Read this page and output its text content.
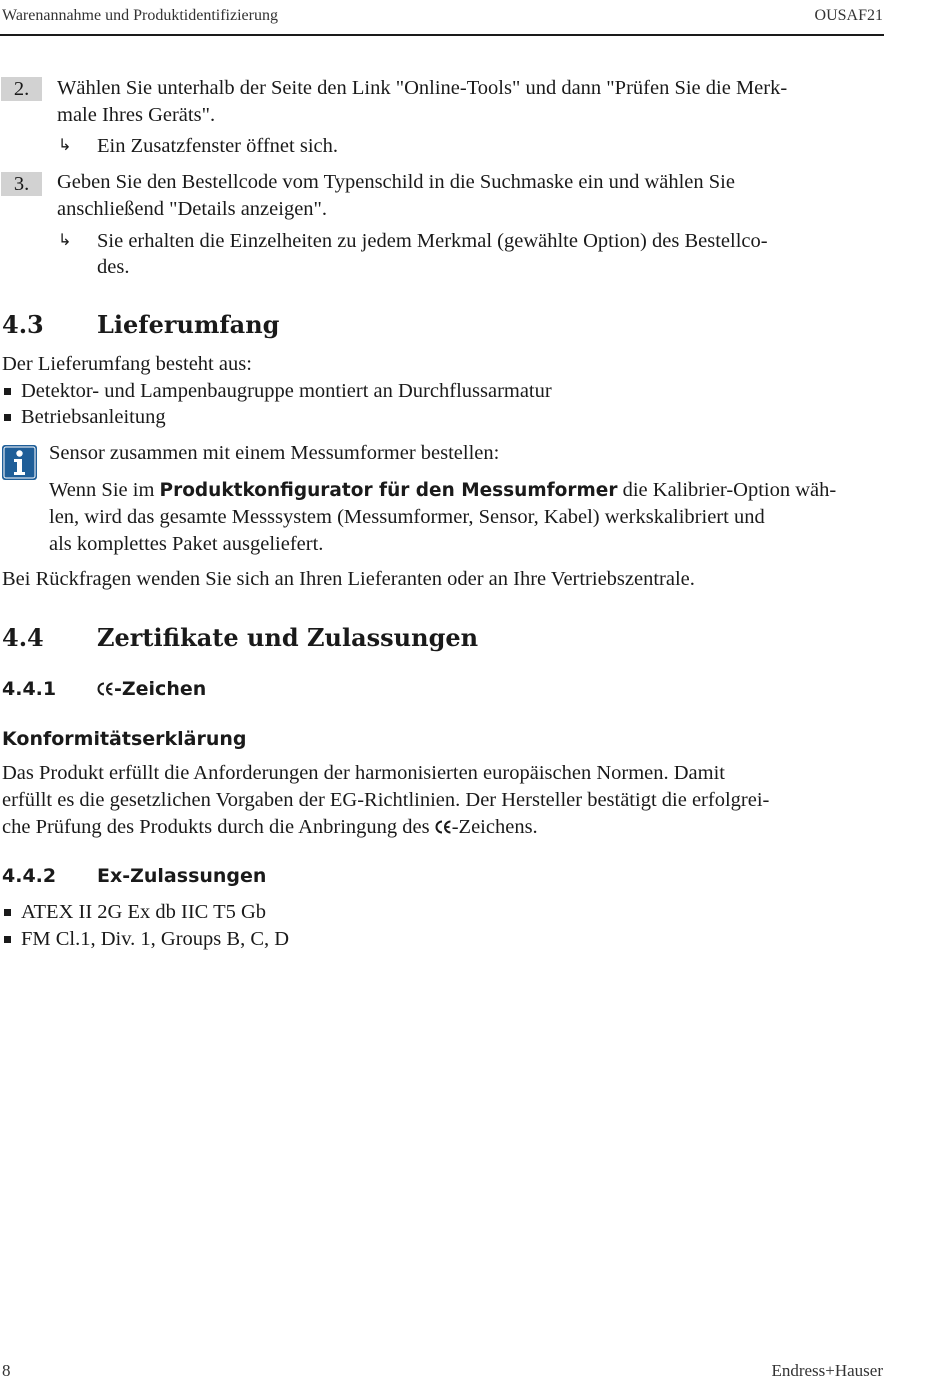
Warenannahme und Produktidentifizierung	OUSAF21
2.	Wählen Sie unterhalb der Seite den Link "Online-Tools" und dann "Prüfen Sie die Merk-
male Ihres Geräts".
↳ Ein Zusatzfenster öffnet sich.
3.	Geben Sie den Bestellcode vom Typenschild in die Suchmaske ein und wählen Sie
anschließend "Details anzeigen".
↳ Sie erhalten die Einzelheiten zu jedem Merkmal (gewählte Option) des Bestellco-
des.
4.3 Lieferumfang
Der Lieferumfang besteht aus:
Detektor- und Lampenbaugruppe montiert an Durchflussarmatur
Betriebsanleitung
Sensor zusammen mit einem Messumformer bestellen:
Wenn Sie im Produktkonfigurator für den Messumformer die Kalibrier-Option wäh-
len, wird das gesamte Messsystem (Messumformer, Sensor, Kabel) werkskalibriert und
als komplettes Paket ausgeliefert.
Bei Rückfragen wenden Sie sich an Ihren Lieferanten oder an Ihre Vertriebszentrale.
4.4 Zertifikate und Zulassungen
4.4.1	-Zeichen
Konformitätserklärung
Das Produkt erfüllt die Anforderungen der harmonisierten europäischen Normen. Damit
erfüllt es die gesetzlichen Vorgaben der EG-Richtlinien. Der Hersteller bestätigt die erfolgrei-
che Prüfung des Produkts durch die Anbringung des -Zeichens.
4.4.2 Ex-Zulassungen
ATEX II 2G Ex db IIC T5 Gb
FM Cl.1, Div. 1, Groups B, C, D
8	Endress+Hauser
